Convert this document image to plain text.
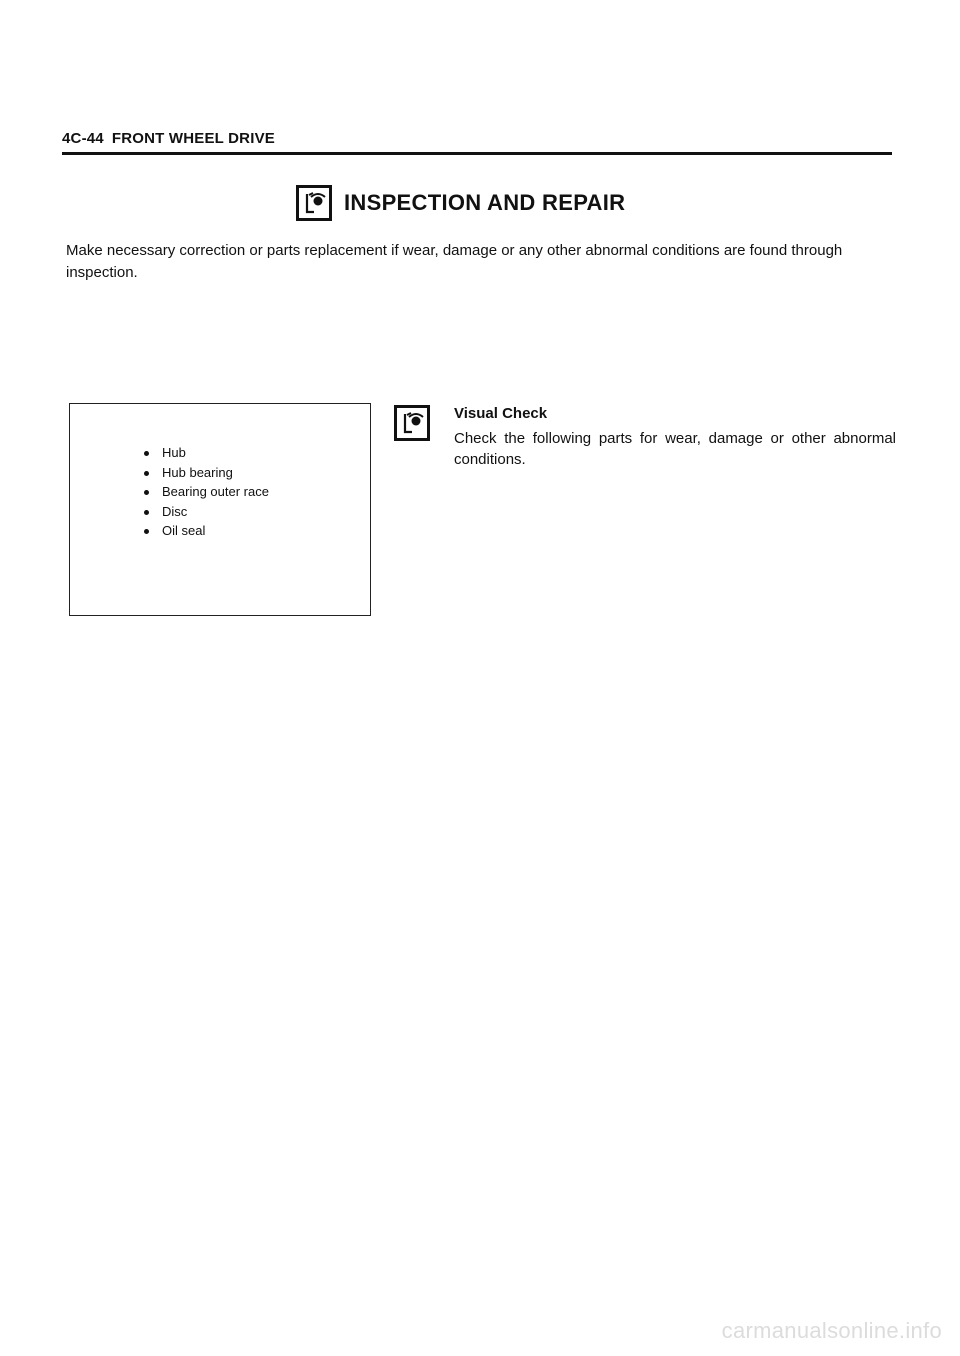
4C-44 FRONT WHEEL DRIVE
INSPECTION AND REPAIR

Make necessary correction or parts replacement if wear, damage or any other abnormal conditions are found through inspection.

Hub
Hub bearing
Bearing outer race
Disc
Oil seal
Visual Check

Check the following parts for wear, damage or other abnormal conditions.

carmanualsonline.info
